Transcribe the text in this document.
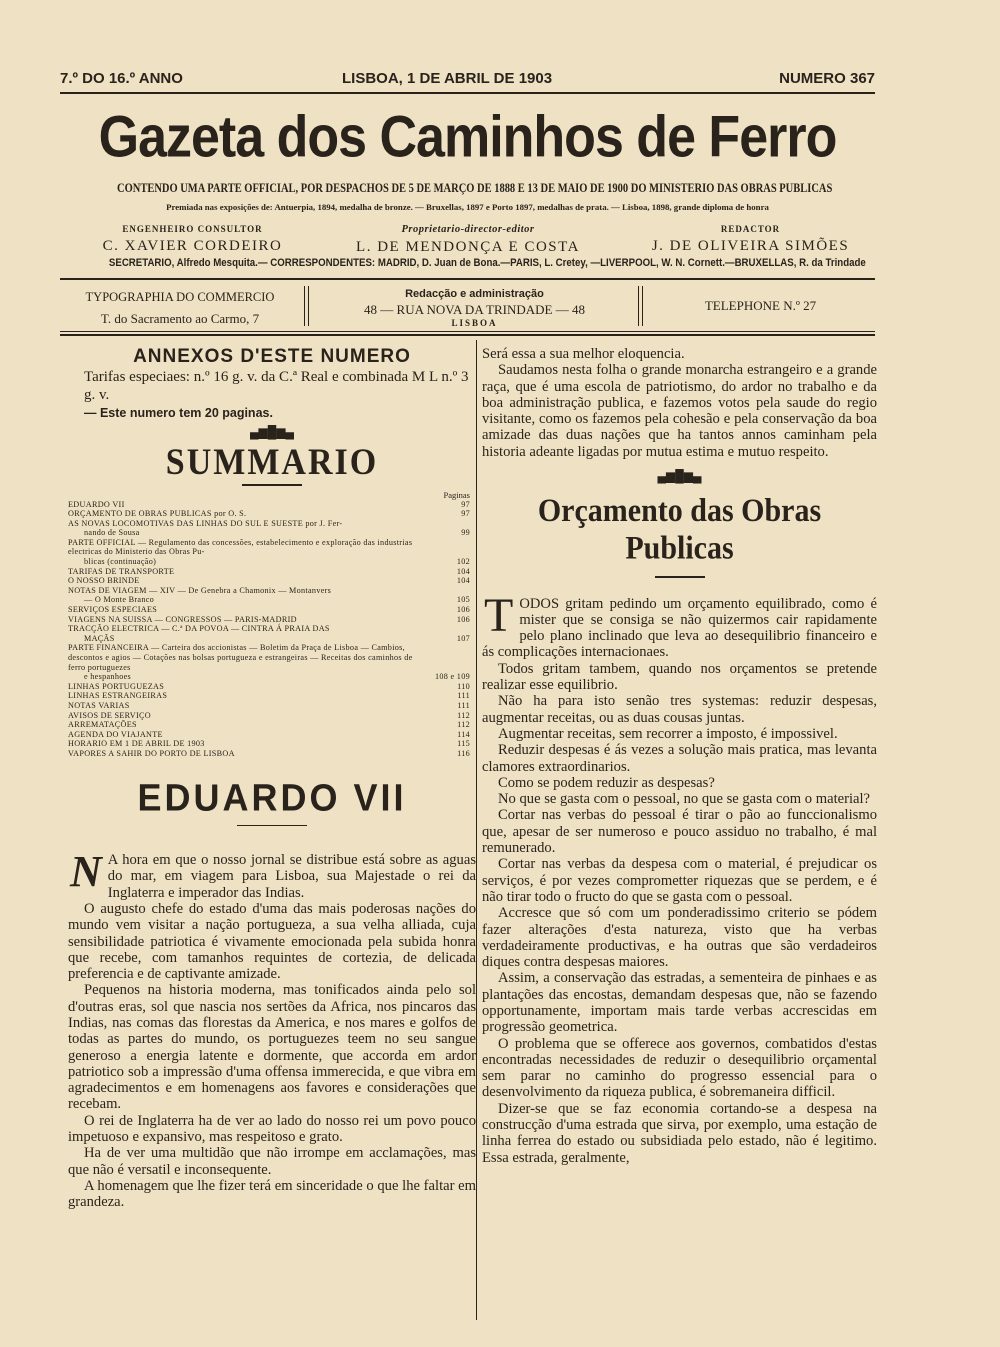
7.º DO 16.º ANNO	LISBOA, 1 DE ABRIL DE 1903	NUMERO 367
Gazeta dos Caminhos de Ferro
CONTENDO UMA PARTE OFFICIAL, POR DESPACHOS DE 5 DE MARÇO DE 1888 E 13 DE MAIO DE 1900 DO MINISTERIO DAS OBRAS PUBLICAS
Premiada nas exposições de: Antuerpia, 1894, medalha de bronze. — Bruxellas, 1897 e Porto 1897, medalhas de prata. — Lisboa, 1898, grande diploma de honra
ENGENHEIRO CONSULTOR
C. XAVIER CORDEIRO
Proprietario-director-editor
L. DE MENDONÇA E COSTA
REDACTOR
J. DE OLIVEIRA SIMÕES
SECRETARIO, Alfredo Mesquita.— CORRESPONDENTES: MADRID, D. Juan de Bona.—PARIS, L. Cretey, —LIVERPOOL, W. N. Cornett.—BRUXELLAS, R. da Trindade
TYPOGRAPHIA DO COMMERCIO
T. do Sacramento ao Carmo, 7
Redacção e administração
48 — RUA NOVA DA TRINDADE — 48
LISBOA
TELEPHONE N.º 27
ANNEXOS D'ESTE NUMERO
Tarifas especiaes: n.º 16 g. v. da C.ª Real e combinada M L n.º 3 g. v.
— Este numero tem 20 paginas.
▄▆█▆▄
SUMMARIO
Paginas
EDUARDO VII	97
ORÇAMENTO DE OBRAS PUBLICAS por O. S.	97
AS NOVAS LOCOMOTIVAS DAS LINHAS DO SUL E SUESTE por J. Fer-
nando de Sousa	99
PARTE OFFICIAL — Regulamento das concessões, estabelecimento e exploração das industrias electricas do Ministerio das Obras Pu-
blicas (continuação)	102
TARIFAS DE TRANSPORTE	104
O NOSSO BRINDE	104
NOTAS DE VIAGEM — XIV — De Genebra a Chamonix — Montanvers
— O Monte Branco	105
SERVIÇOS ESPECIAES	106
VIAGENS NA SUISSA — CONGRESSOS — PARIS-MADRID	106
TRACÇÃO ELECTRICA — C.ª DA POVOA — CINTRA Á PRAIA DAS
MAÇÃS	107
PARTE FINANCEIRA — Carteira dos accionistas — Boletim da Praça de Lisboa — Cambios, descontos e agios — Cotações nas bolsas portugueza e estrangeiras — Receitas dos caminhos de ferro portuguezes
e hespanhoes	108 e 109
LINHAS PORTUGUEZAS	110
LINHAS ESTRANGEIRAS	111
NOTAS VARIAS	111
AVISOS DE SERVIÇO	112
ARREMATAÇÕES	112
AGENDA DO VIAJANTE	114
HORARIO EM 1 DE ABRIL DE 1903	115
VAPORES A SAHIR DO PORTO DE LISBOA	116
EDUARDO VII

N A hora em que o nosso jornal se distribue está sobre as aguas do mar, em viagem para Lisboa, sua Majestade o rei da Inglaterra e imperador das Indias.

O augusto chefe do estado d'uma das mais poderosas nações do mundo vem visitar a nação portugueza, a sua velha alliada, cuja sensibilidade patriotica é vivamente emocionada pela subida honra que recebe, com tamanhos requintes de cortezia, de delicada preferencia e de captivante amizade.

Pequenos na historia moderna, mas tonificados ainda pelo sol d'outras eras, sol que nascia nos sertões da Africa, nos pincaros das Indias, nas comas das florestas da America, e nos mares e golfos de todas as partes do mundo, os portuguezes teem no seu sangue generoso a energia latente e dormente, que accorda em ardor patriotico sob a impressão d'uma offensa immerecida, e que vibra em agradecimentos e em homenagens aos favores e considerações que recebam.

O rei de Inglaterra ha de ver ao lado do nosso rei um povo pouco impetuoso e expansivo, mas respeitoso e grato.

Ha de ver uma multidão que não irrompe em acclamações, mas que não é versatil e inconsequente.

A homenagem que lhe fizer terá em sinceridade o que lhe faltar em grandeza.

Será essa a sua melhor eloquencia.

Saudamos nesta folha o grande monarcha estrangeiro e a grande raça, que é uma escola de patriotismo, do ardor no trabalho e da boa administração publica, e fazemos votos pela saude do regio visitante, como os fazemos pela cohesão e pela conservação da boa amizade das duas nações que ha tantos annos caminham pela historia adeante ligadas por mutua estima e mutuo respeito.

▄▆█▆▄
Orçamento das Obras Publicas

TODOS gritam pedindo um orçamento equilibrado, como é mister que se consiga se não quizermos cair rapidamente pelo plano inclinado que leva ao desequilibrio financeiro e ás complicações internacionaes.

Todos gritam tambem, quando nos orçamentos se pretende realizar esse equilibrio.

Não ha para isto senão tres systemas: reduzir despesas, augmentar receitas, ou as duas cousas juntas.

Augmentar receitas, sem recorrer a imposto, é impossivel.

Reduzir despesas é ás vezes a solução mais pratica, mas levanta clamores extraordinarios.

Como se podem reduzir as despesas?

No que se gasta com o pessoal, no que se gasta com o material?

Cortar nas verbas do pessoal é tirar o pão ao funccionalismo que, apesar de ser numeroso e pouco assiduo no trabalho, é mal remunerado.

Cortar nas verbas da despesa com o material, é prejudicar os serviços, é por vezes comprometter riquezas que se perdem, e é não tirar todo o fructo do que se gasta com o pessoal.

Accresce que só com um ponderadissimo criterio se pódem fazer alterações d'esta natureza, visto que ha verbas verdadeiramente productivas, e ha outras que são verdadeiros diques contra despesas maiores.

Assim, a conservação das estradas, a sementeira de pinhaes e as plantações das encostas, demandam despesas que, não se fazendo opportunamente, importam mais tarde verbas accrescidas em progressão geometrica.

O problema que se offerece aos governos, combatidos d'estas encontradas necessidades de reduzir o desequilibrio orçamental sem parar no caminho do progresso essencial para o desenvolvimento da riqueza publica, é sobremaneira difficil.

Dizer-se que se faz economia cortando-se a despesa na construcção d'uma estrada que sirva, por exemplo, uma estação de linha ferrea do estado ou subsidiada pelo estado, não é legitimo. Essa estrada, geralmente,
